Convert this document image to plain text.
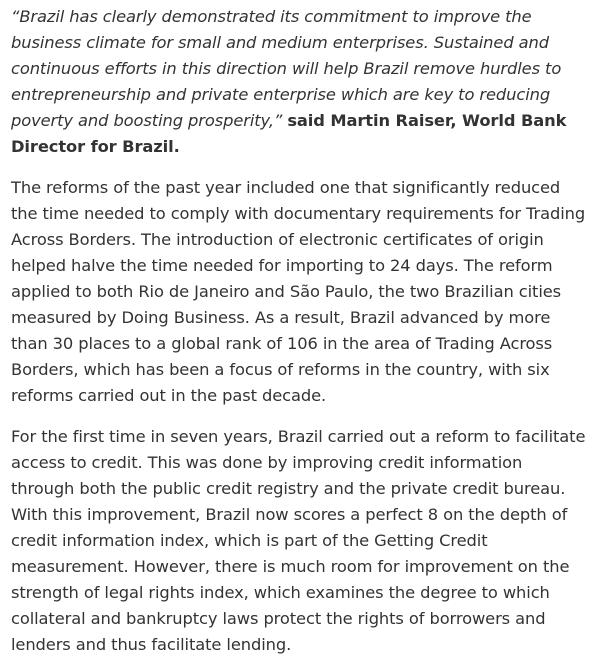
“Brazil has clearly demonstrated its commitment to improve the business climate for small and medium enterprises. Sustained and continuous efforts in this direction will help Brazil remove hurdles to entrepreneurship and private enterprise which are key to reducing poverty and boosting prosperity,” said Martin Raiser, World Bank Director for Brazil.

The reforms of the past year included one that significantly reduced the time needed to comply with documentary requirements for Trading Across Borders. The introduction of electronic certificates of origin helped halve the time needed for importing to 24 days. The reform applied to both Rio de Janeiro and São Paulo, the two Brazilian cities measured by Doing Business. As a result, Brazil advanced by more than 30 places to a global rank of 106 in the area of Trading Across Borders, which has been a focus of reforms in the country, with six reforms carried out in the past decade.

For the first time in seven years, Brazil carried out a reform to facilitate access to credit. This was done by improving credit information through both the public credit registry and the private credit bureau. With this improvement, Brazil now scores a perfect 8 on the depth of credit information index, which is part of the Getting Credit measurement. However, there is much room for improvement on the strength of legal rights index, which examines the degree to which collateral and bankruptcy laws protect the rights of borrowers and lenders and thus facilitate lending.
